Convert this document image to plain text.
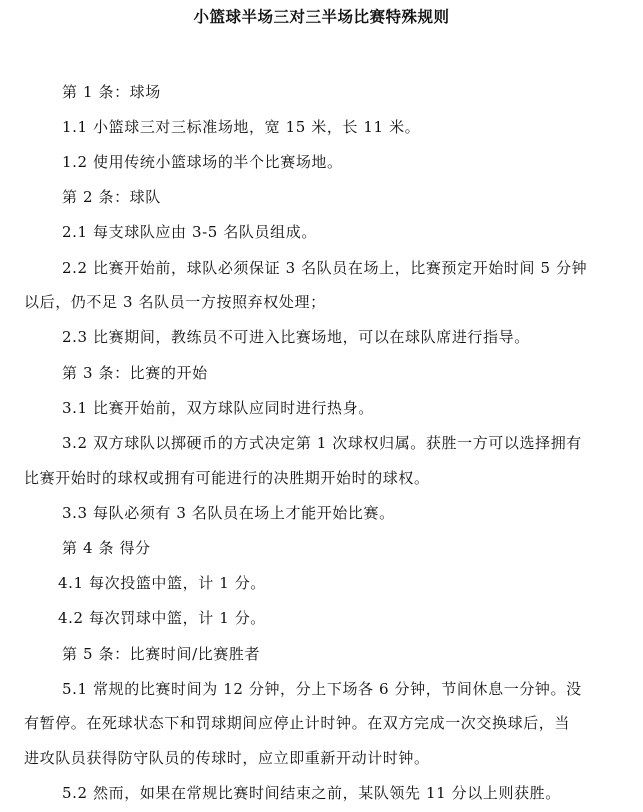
小篮球半场三对三半场比赛特殊规则
第 1 条：球场
1.1 小篮球三对三标准场地，宽 15 米，长 11 米。
1.2 使用传统小篮球场的半个比赛场地。
第 2 条：球队
2.1 每支球队应由 3-5 名队员组成。
2.2 比赛开始前，球队必须保证 3 名队员在场上，比赛预定开始时间 5 分钟
以后，仍不足 3 名队员一方按照弃权处理；
2.3 比赛期间，教练员不可进入比赛场地，可以在球队席进行指导。
第 3 条：比赛的开始
3.1 比赛开始前，双方球队应同时进行热身。
3.2 双方球队以掷硬币的方式决定第 1 次球权归属。获胜一方可以选择拥有
比赛开始时的球权或拥有可能进行的决胜期开始时的球权。
3.3 每队必须有 3 名队员在场上才能开始比赛。
第 4 条 得分
4.1 每次投篮中篮，计 1 分。
4.2 每次罚球中篮，计 1 分。
第 5 条：比赛时间/比赛胜者
5.1 常规的比赛时间为 12 分钟，分上下场各 6 分钟，节间休息一分钟。没
有暂停。在死球状态下和罚球期间应停止计时钟。在双方完成一次交换球后，当
进攻队员获得防守队员的传球时，应立即重新开动计时钟。
5.2 然而，如果在常规比赛时间结束之前，某队领先 11 分以上则获胜。
